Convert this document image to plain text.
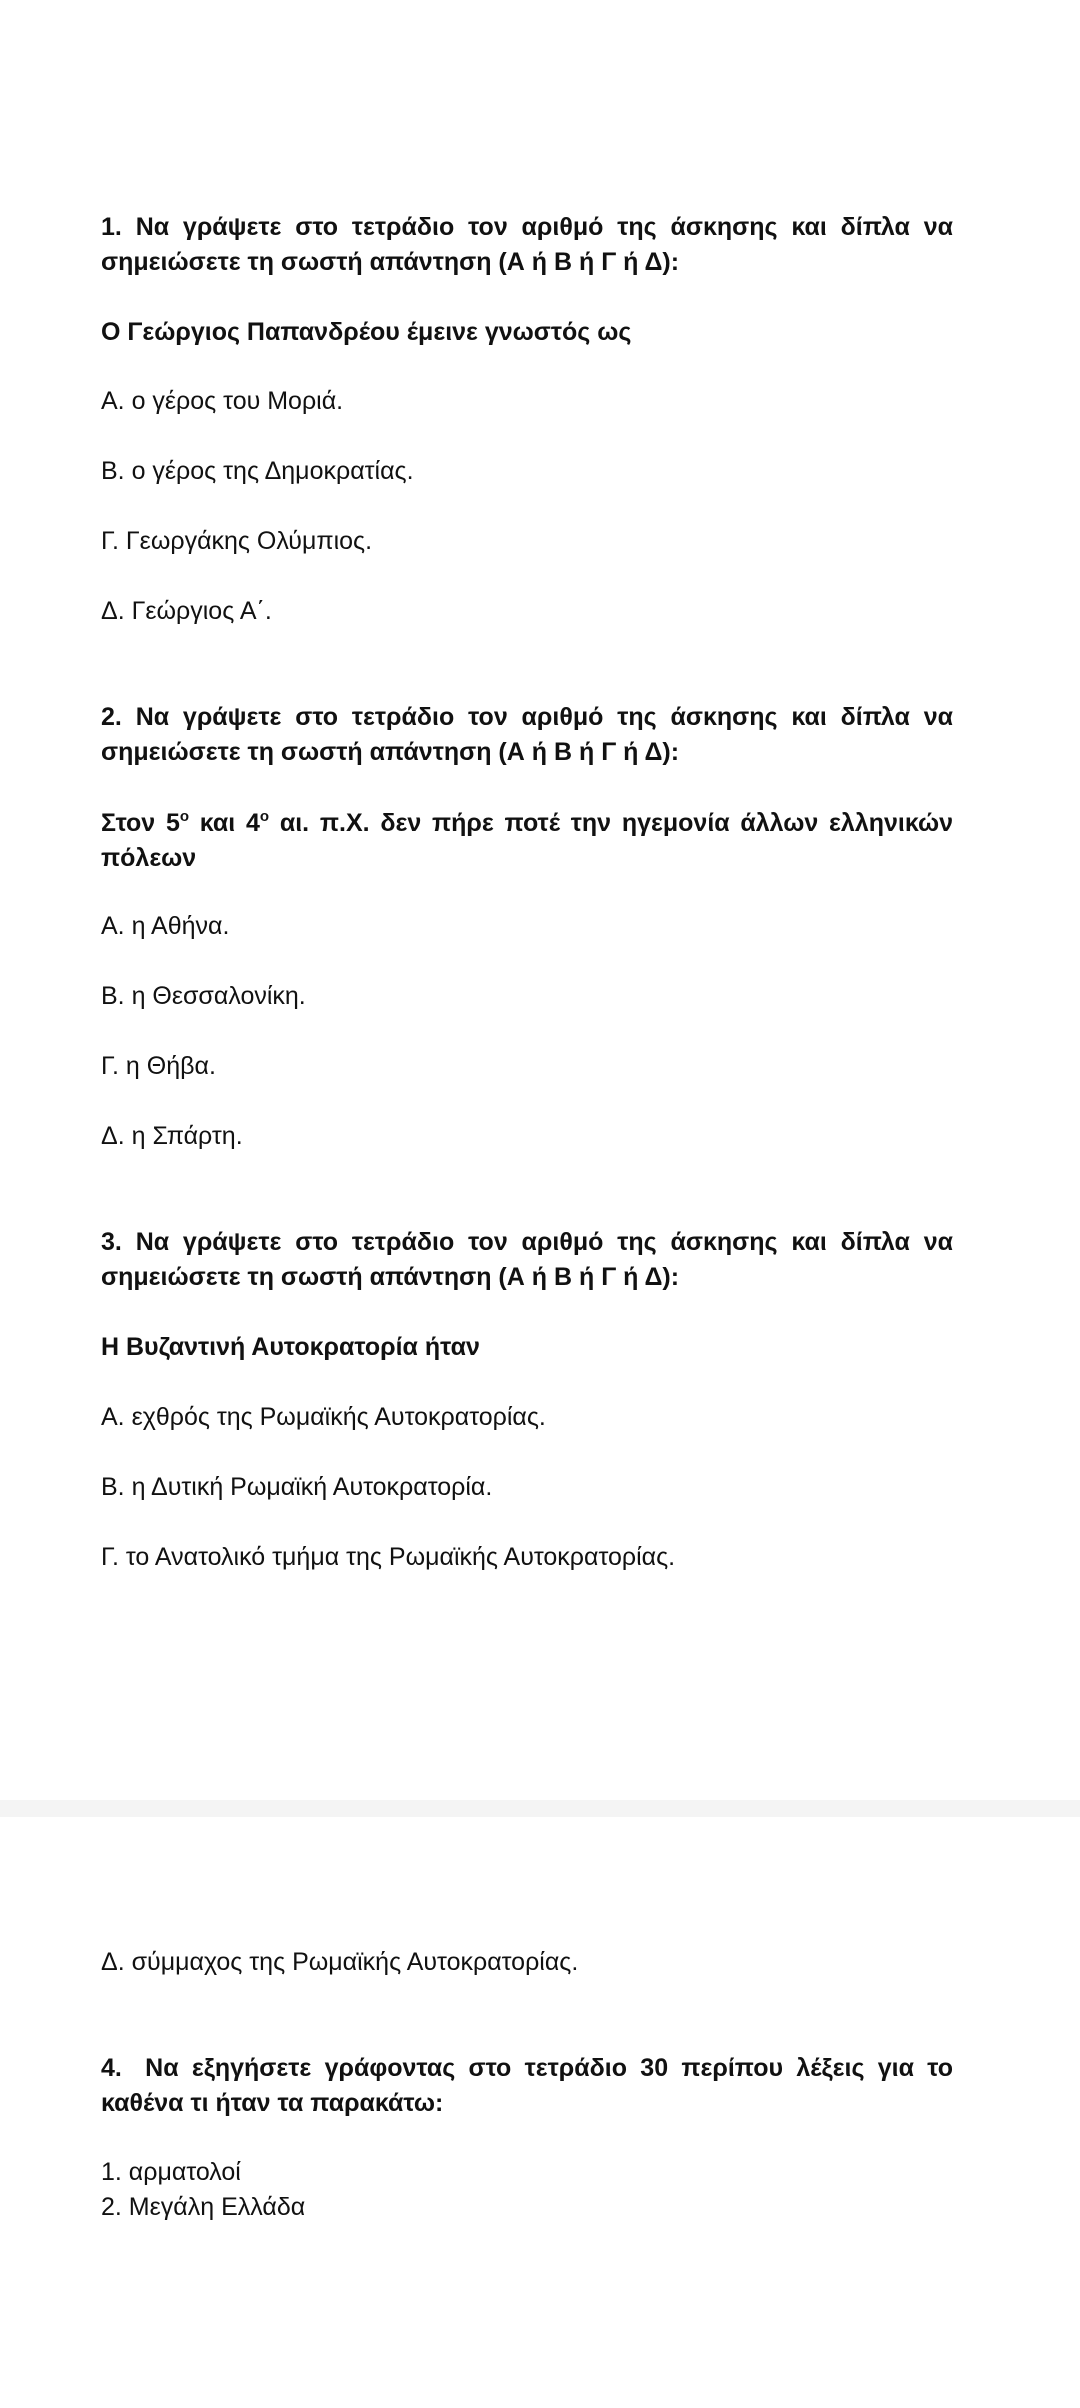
1. Να γράψετε στο τετράδιο τον αριθμό της άσκησης και δίπλα να σημειώσετε τη σωστή απάντηση (Α ή Β ή Γ ή Δ):

Ο Γεώργιος Παπανδρέου έμεινε γνωστός ως

Α. ο γέρος του Μοριά.

Β. ο γέρος της Δημοκρατίας.

Γ. Γεωργάκης Ολύμπιος.

Δ. Γεώργιος Α΄.

2. Να γράψετε στο τετράδιο τον αριθμό της άσκησης και δίπλα να σημειώσετε τη σωστή απάντηση (Α ή Β ή Γ ή Δ):

Στον $5^o$ και $4^o$ αι. π.Χ. δεν πήρε ποτέ την ηγεμονία άλλων ελληνικών πόλεων

Α. η Αθήνα.

Β. η Θεσσαλονίκη.

Γ. η Θήβα.

Δ. η Σπάρτη.

3. Να γράψετε στο τετράδιο τον αριθμό της άσκησης και δίπλα να σημειώσετε τη σωστή απάντηση (Α ή Β ή Γ ή Δ):

Η Βυζαντινή Αυτοκρατορία ήταν

Α. εχθρός της Ρωμαϊκής Αυτοκρατορίας.

Β. η Δυτική Ρωμαϊκή Αυτοκρατορία.

Γ. το Ανατολικό τμήμα της Ρωμαϊκής Αυτοκρατορίας.

Δ. σύμμαχος της Ρωμαϊκής Αυτοκρατορίας.

4. Να εξηγήσετε γράφοντας στο τετράδιο 30 περίπου λέξεις για το καθένα τι ήταν τα παρακάτω:

1. αρματολοί

2. Μεγάλη Ελλάδα
